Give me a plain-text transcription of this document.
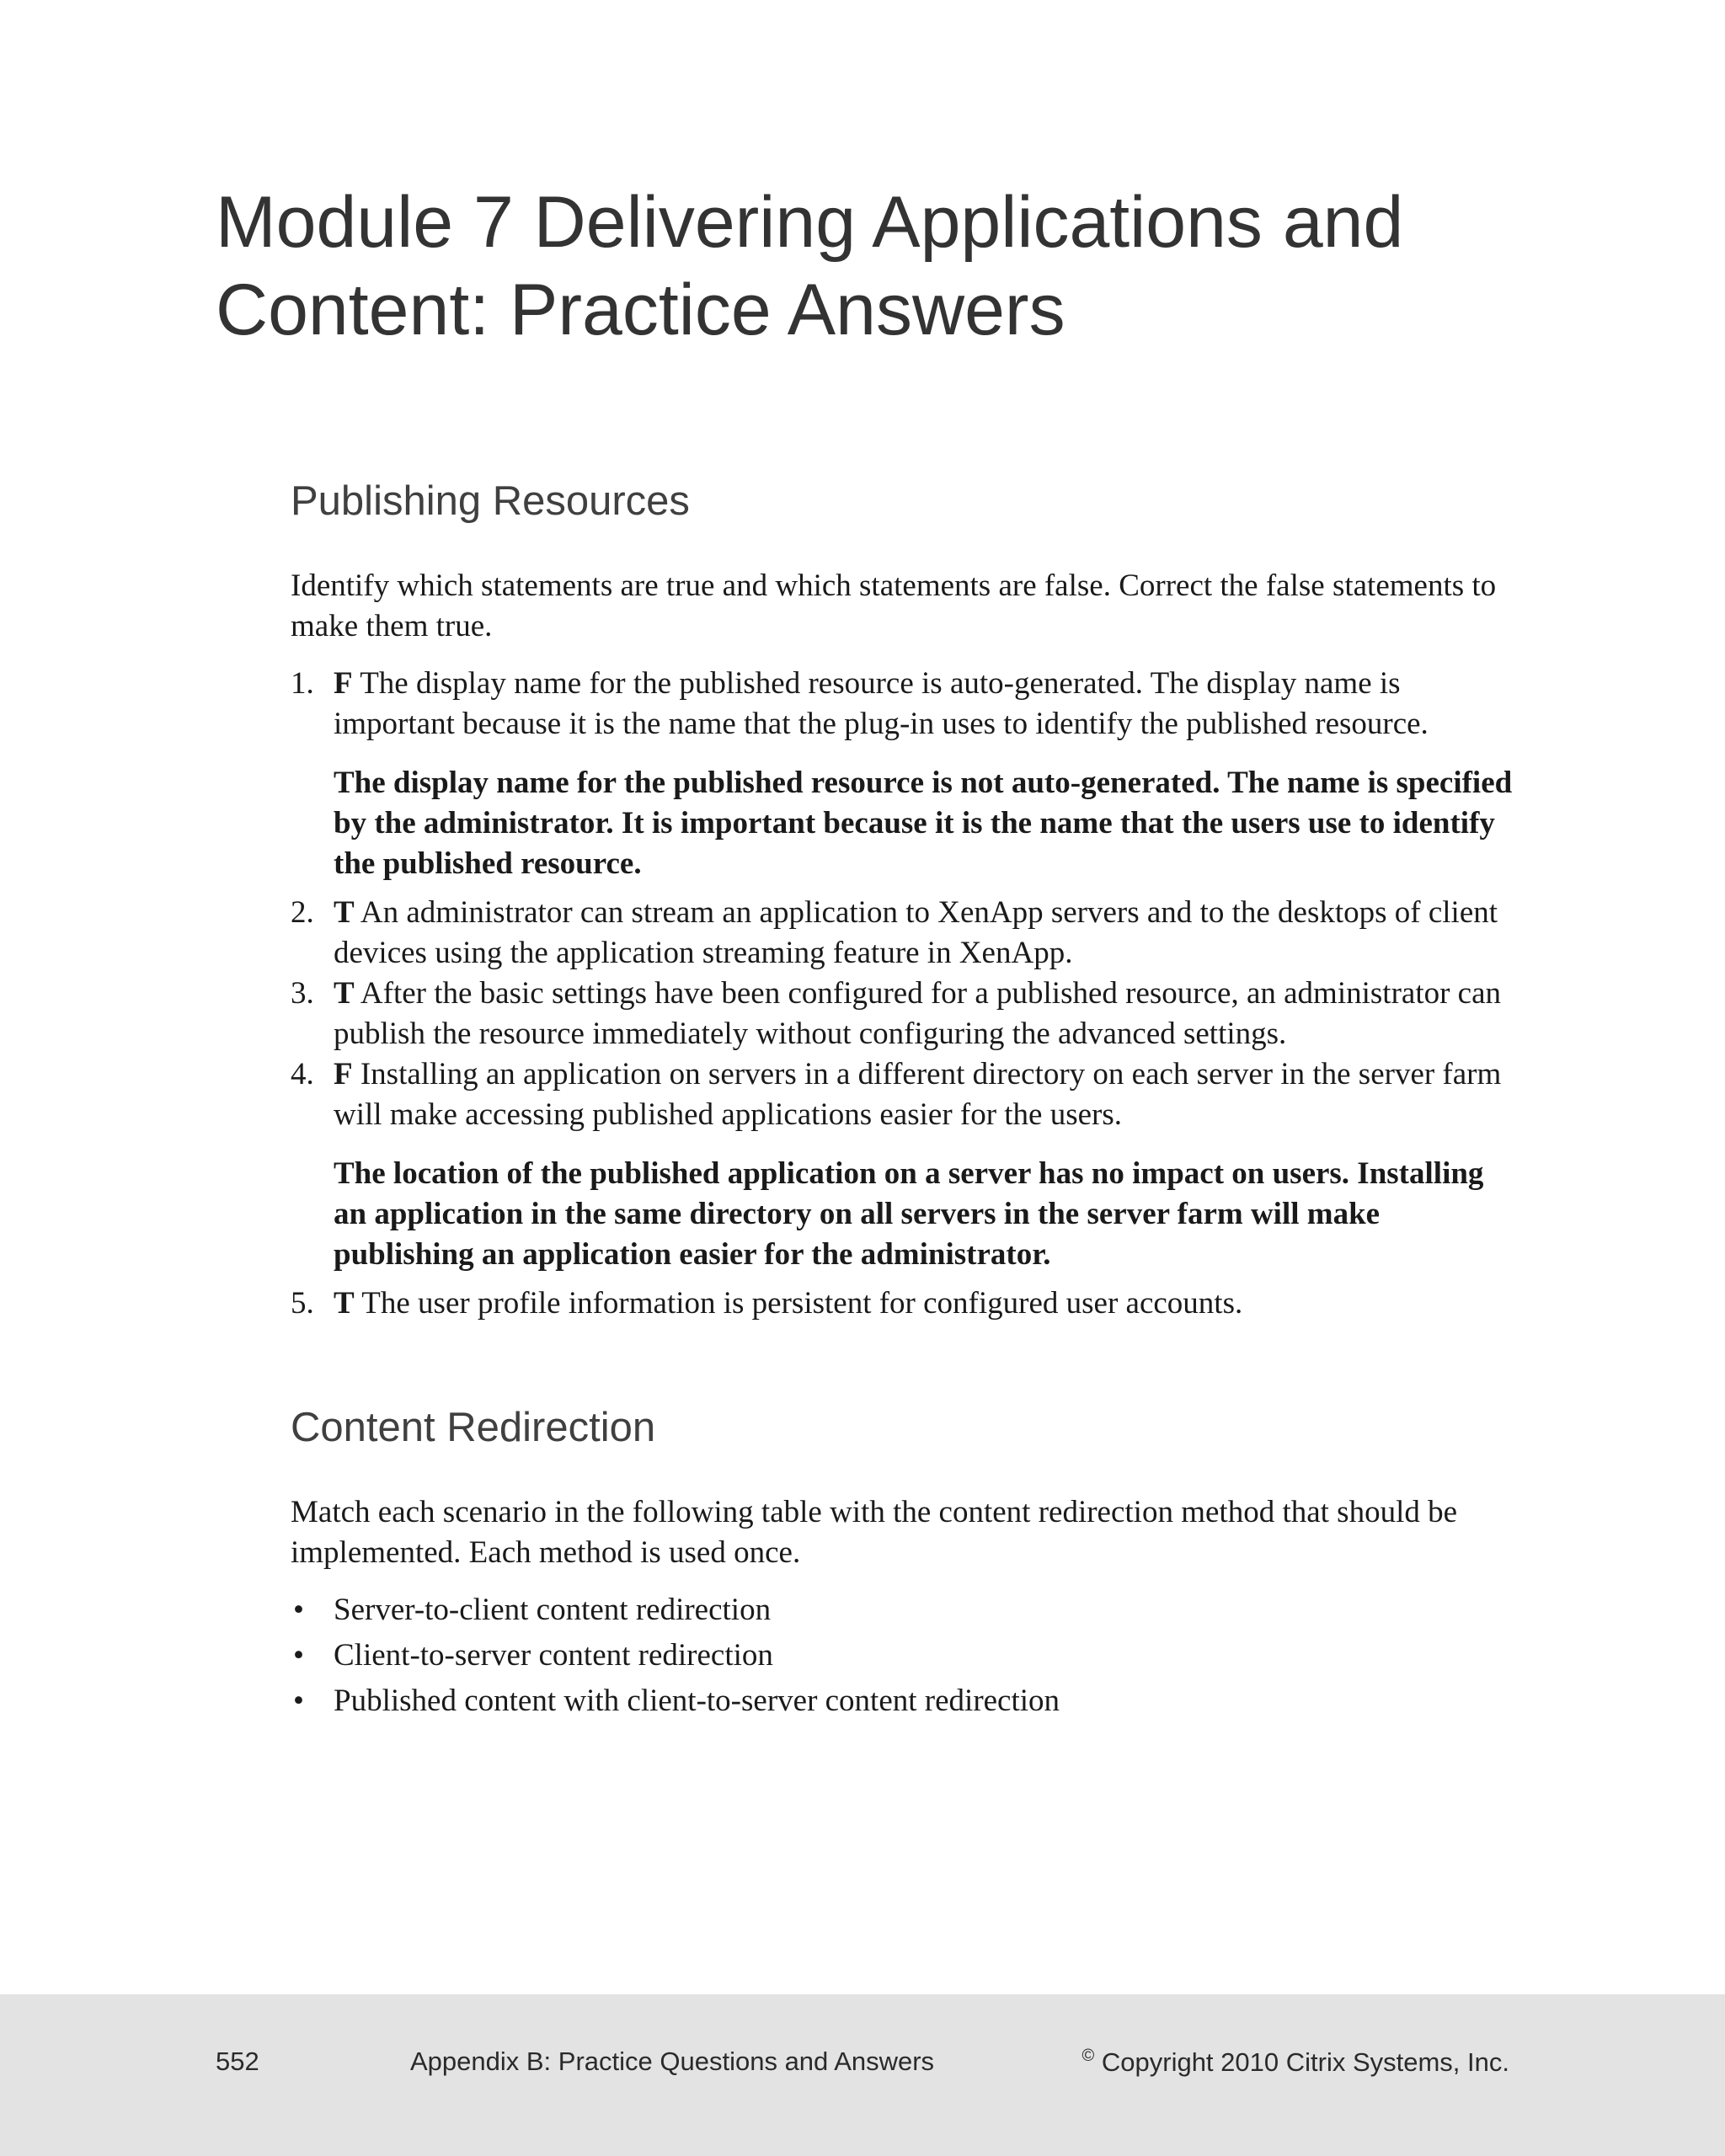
Module 7 Delivering Applications and Content: Practice Answers
Publishing Resources

Identify which statements are true and which statements are false. Correct the false statements to make them true.

1. F The display name for the published resource is auto-generated. The display name is important because it is the name that the plug-in uses to identify the published resource.
The display name for the published resource is not auto-generated. The name is specified by the administrator. It is important because it is the name that the users use to identify the published resource.
2. T An administrator can stream an application to XenApp servers and to the desktops of client devices using the application streaming feature in XenApp.
3. T After the basic settings have been configured for a published resource, an administrator can publish the resource immediately without configuring the advanced settings.
4. F Installing an application on servers in a different directory on each server in the server farm will make accessing published applications easier for the users.
The location of the published application on a server has no impact on users. Installing an application in the same directory on all servers in the server farm will make publishing an application easier for the administrator.
5. T The user profile information is persistent for configured user accounts.
Content Redirection

Match each scenario in the following table with the content redirection method that should be implemented. Each method is used once.

• Server-to-client content redirection
• Client-to-server content redirection
• Published content with client-to-server content redirection
552	Appendix B: Practice Questions and Answers	© Copyright 2010 Citrix Systems, Inc.
